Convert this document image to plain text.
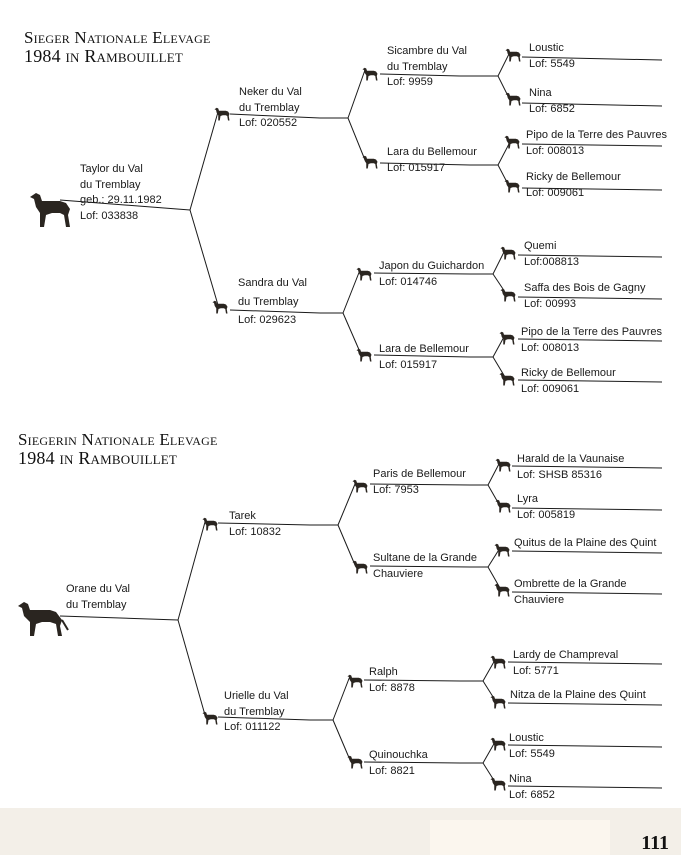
Sieger Nationale Elevage
1984 in Rambouillet
Siegerin Nationale Elevage
1984 in Rambouillet
Taylor du Val
du Tremblay
geb.: 29.11.1982
Lof: 033838
Neker du Val
du Tremblay
Lof: 020552
Sandra du Val
du Tremblay
Lof: 029623
Sicambre du Val
du Tremblay
Lof: 9959
Lara du Bellemour
Lof: 015917
Japon du Guichardon
Lof: 014746
Lara de Bellemour
Lof: 015917
Loustic
Lof: 5549
Nina
Lof: 6852
Pipo de la Terre des Pauvres
Lof: 008013
Ricky de Bellemour
Lof: 009061
Quemi
Lof:008813
Saffa des Bois de Gagny
Lof: 00993
Pipo de la Terre des Pauvres
Lof: 008013
Ricky de Bellemour
Lof: 009061
Orane du Val
du Tremblay
Tarek
Lof: 10832
Urielle du Val
du Tremblay
Lof: 011122
Paris de Bellemour
Lof: 7953
Sultane de la Grande
Chauviere
Ralph
Lof: 8878
Quinouchka
Lof: 8821
Harald de la Vaunaise
Lof: SHSB 85316
Lyra
Lof: 005819
Quitus de la Plaine des Quint
Ombrette de la Grande
Chauviere
Lardy de Champreval
Lof: 5771
Nitza de la Plaine des Quint
Loustic
Lof: 5549
Nina
Lof: 6852
111
